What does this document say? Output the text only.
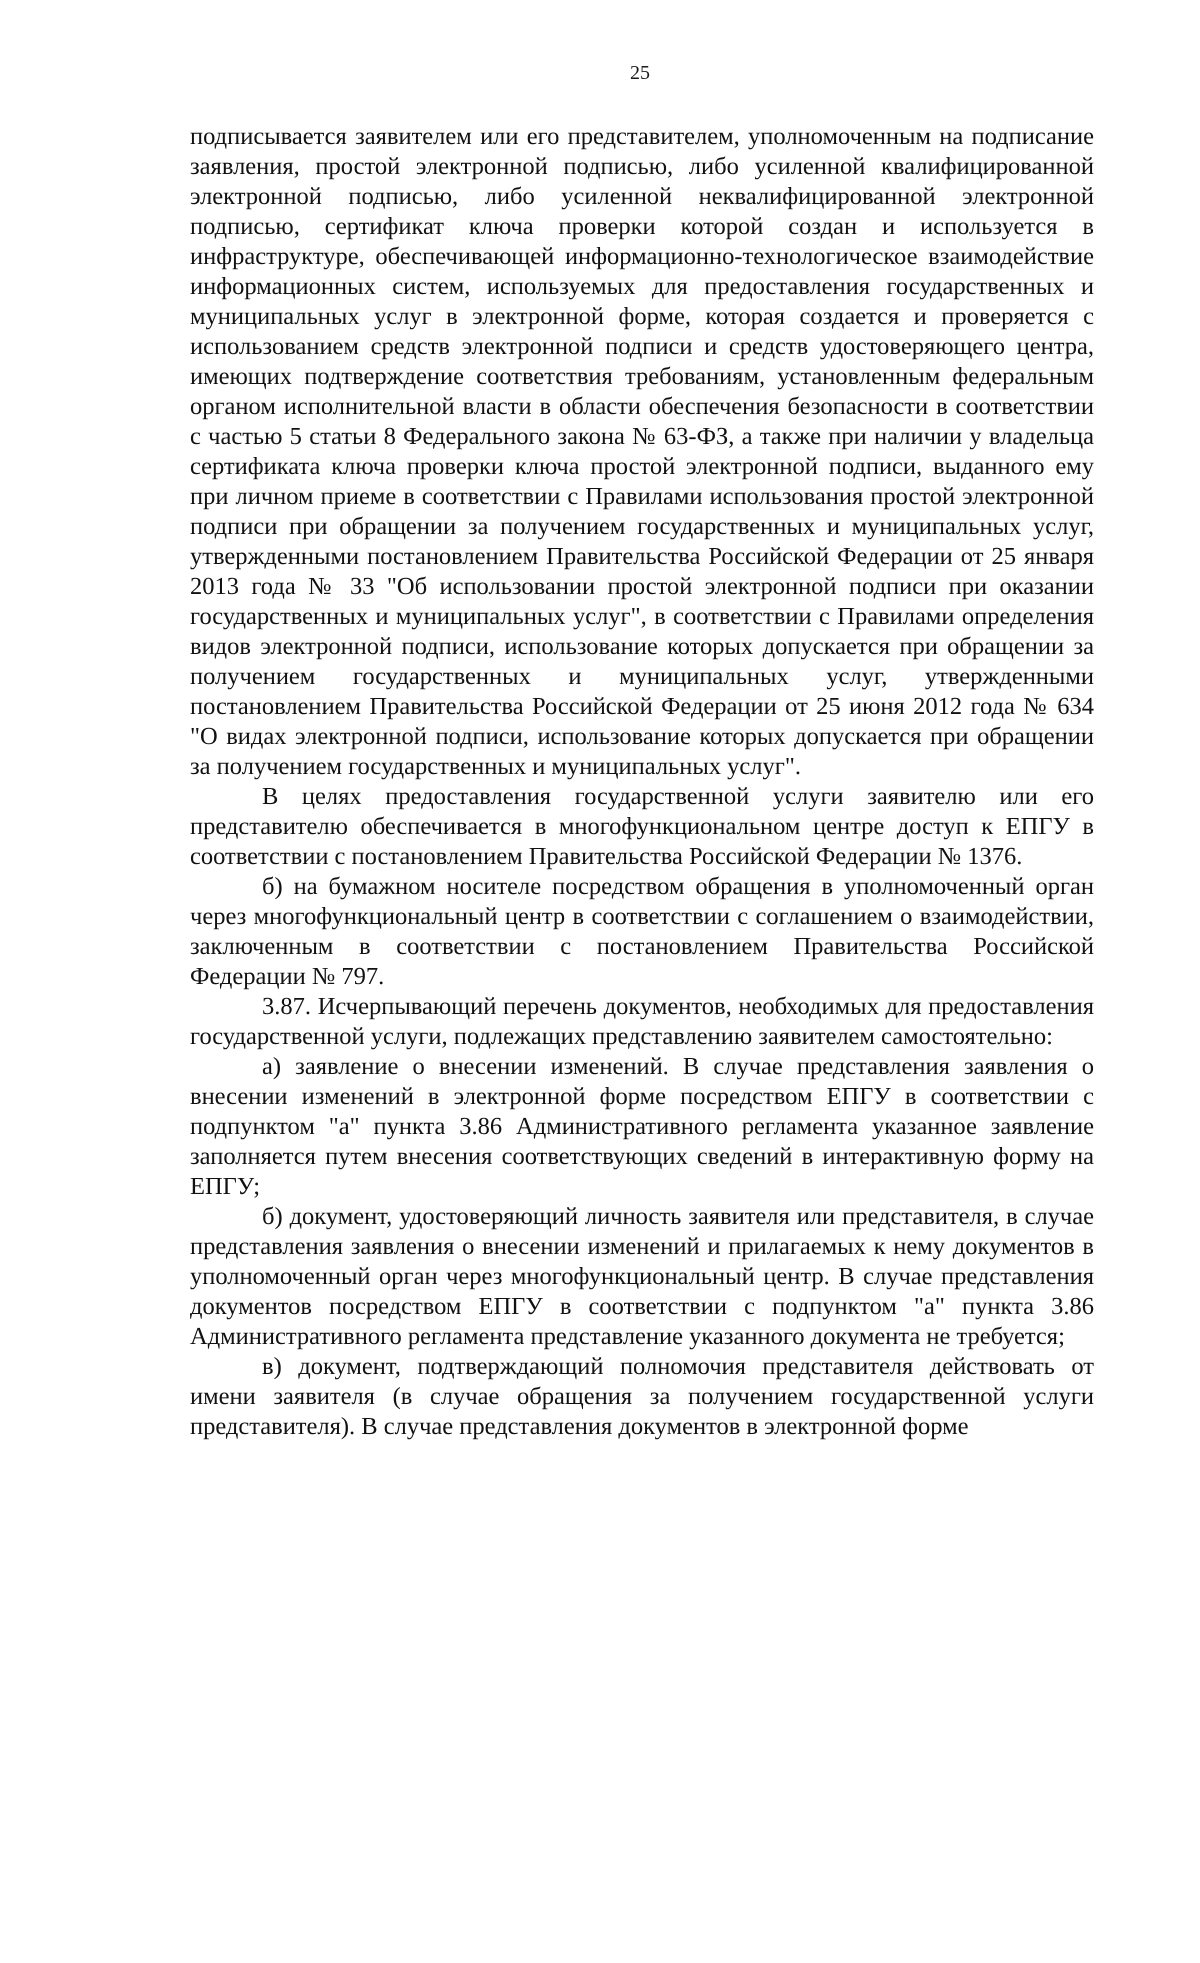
25

подписывается заявителем или его представителем, уполномоченным на подписание заявления, простой электронной подписью, либо усиленной квалифицированной электронной подписью, либо усиленной неквалифицированной электронной подписью, сертификат ключа проверки которой создан и используется в инфраструктуре, обеспечивающей информационно-технологическое взаимодействие информационных систем, используемых для предоставления государственных и муниципальных услуг в электронной форме, которая создается и проверяется с использованием средств электронной подписи и средств удостоверяющего центра, имеющих подтверждение соответствия требованиям, установленным федеральным органом исполнительной власти в области обеспечения безопасности в соответствии с частью 5 статьи 8 Федерального закона № 63-ФЗ, а также при наличии у владельца сертификата ключа проверки ключа простой электронной подписи, выданного ему при личном приеме в соответствии с Правилами использования простой электронной подписи при обращении за получением государственных и муниципальных услуг, утвержденными постановлением Правительства Российской Федерации от 25 января 2013 года № 33 "Об использовании простой электронной подписи при оказании государственных и муниципальных услуг", в соответствии с Правилами определения видов электронной подписи, использование которых допускается при обращении за получением государственных и муниципальных услуг, утвержденными постановлением Правительства Российской Федерации от 25 июня 2012 года № 634 "О видах электронной подписи, использование которых допускается при обращении за получением государственных и муниципальных услуг".

В целях предоставления государственной услуги заявителю или его представителю обеспечивается в многофункциональном центре доступ к ЕПГУ в соответствии с постановлением Правительства Российской Федерации № 1376.

б) на бумажном носителе посредством обращения в уполномоченный орган через многофункциональный центр в соответствии с соглашением о взаимодействии, заключенным в соответствии с постановлением Правительства Российской Федерации № 797.

3.87. Исчерпывающий перечень документов, необходимых для предоставления государственной услуги, подлежащих представлению заявителем самостоятельно:

а) заявление о внесении изменений. В случае представления заявления о внесении изменений в электронной форме посредством ЕПГУ в соответствии с подпунктом "а" пункта 3.86 Административного регламента указанное заявление заполняется путем внесения соответствующих сведений в интерактивную форму на ЕПГУ;

б) документ, удостоверяющий личность заявителя или представителя, в случае представления заявления о внесении изменений и прилагаемых к нему документов в уполномоченный орган через многофункциональный центр. В случае представления документов посредством ЕПГУ в соответствии с подпунктом "а" пункта 3.86 Административного регламента представление указанного документа не требуется;

в) документ, подтверждающий полномочия представителя действовать от имени заявителя (в случае обращения за получением государственной услуги представителя). В случае представления документов в электронной форме
